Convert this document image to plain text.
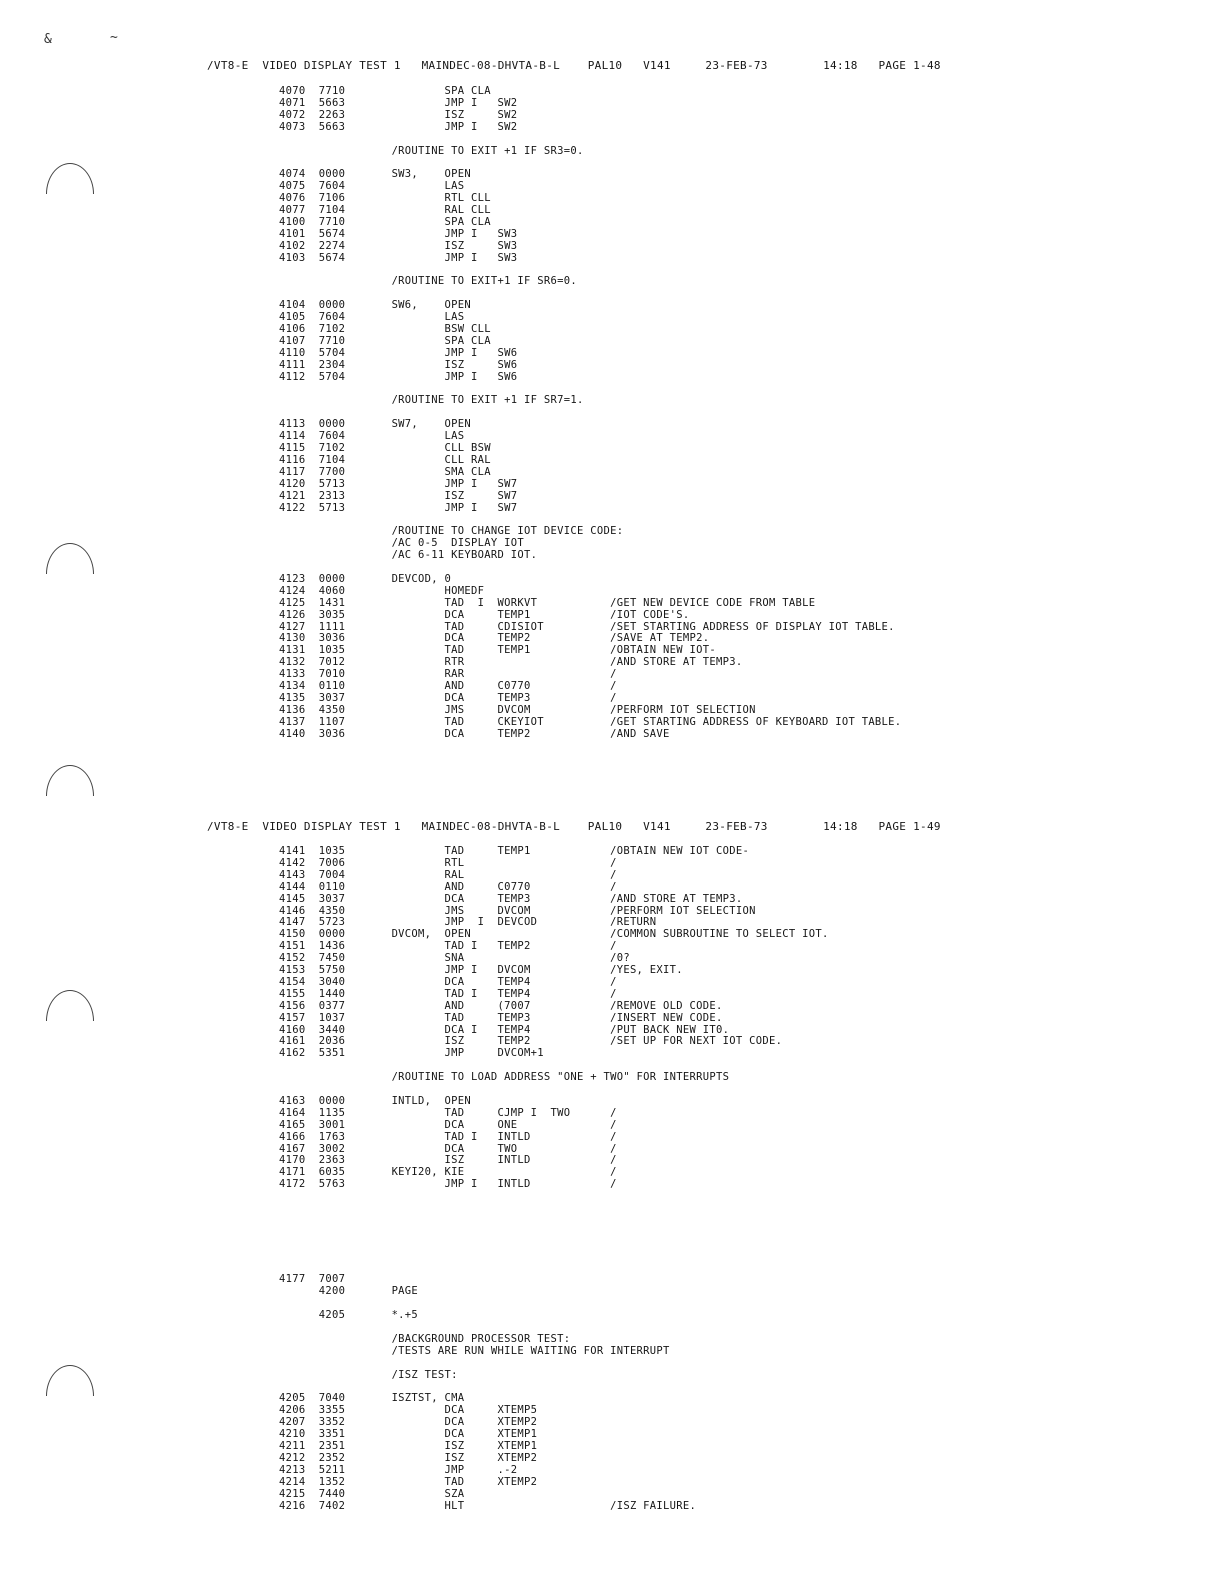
&	~
/VT8-E  VIDEO DISPLAY TEST 1   MAINDEC-08-DHVTA-B-L    PAL10   V141     23-FEB-73        14:18   PAGE 1-48
4070  7710               SPA CLA
4071  5663               JMP I   SW2
4072  2263               ISZ     SW2
4073  5663               JMP I   SW2
/ROUTINE TO EXIT +1 IF SR3=0.
4074  0000       SW3,    OPEN
4075  7604               LAS
4076  7106               RTL CLL
4077  7104               RAL CLL
4100  7710               SPA CLA
4101  5674               JMP I   SW3
4102  2274               ISZ     SW3
4103  5674               JMP I   SW3
/ROUTINE TO EXIT+1 IF SR6=0.
4104  0000       SW6,    OPEN
4105  7604               LAS
4106  7102               BSW CLL
4107  7710               SPA CLA
4110  5704               JMP I   SW6
4111  2304               ISZ     SW6
4112  5704               JMP I   SW6
/ROUTINE TO EXIT +1 IF SR7=1.
4113  0000       SW7,    OPEN
4114  7604               LAS
4115  7102               CLL BSW
4116  7104               CLL RAL
4117  7700               SMA CLA
4120  5713               JMP I   SW7
4121  2313               ISZ     SW7
4122  5713               JMP I   SW7
/ROUTINE TO CHANGE IOT DEVICE CODE:
/AC 0-5  DISPLAY IOT
/AC 6-11 KEYBOARD IOT.
4123  0000       DEVCOD, 0
4124  4060               HOMEDF
4125  1431               TAD  I  WORKVT           /GET NEW DEVICE CODE FROM TABLE
4126  3035               DCA     TEMP1            /IOT CODE'S.
4127  1111               TAD     CDISIOT          /SET STARTING ADDRESS OF DISPLAY IOT TABLE.
4130  3036               DCA     TEMP2            /SAVE AT TEMP2.
4131  1035               TAD     TEMP1            /OBTAIN NEW IOT-
4132  7012               RTR                      /AND STORE AT TEMP3.
4133  7010               RAR                      /
4134  0110               AND     C0770            /
4135  3037               DCA     TEMP3            /
4136  4350               JMS     DVCOM            /PERFORM IOT SELECTION
4137  1107               TAD     CKEYIOT          /GET STARTING ADDRESS OF KEYBOARD IOT TABLE.
4140  3036               DCA     TEMP2            /AND SAVE
/VT8-E  VIDEO DISPLAY TEST 1   MAINDEC-08-DHVTA-B-L    PAL10   V141     23-FEB-73        14:18   PAGE 1-49
4141  1035               TAD     TEMP1            /OBTAIN NEW IOT CODE-
4142  7006               RTL                      /
4143  7004               RAL                      /
4144  0110               AND     C0770            /
4145  3037               DCA     TEMP3            /AND STORE AT TEMP3.
4146  4350               JMS     DVCOM            /PERFORM IOT SELECTION
4147  5723               JMP  I  DEVCOD           /RETURN
4150  0000       DVCOM,  OPEN                     /COMMON SUBROUTINE TO SELECT IOT.
4151  1436               TAD I   TEMP2            /
4152  7450               SNA                      /0?
4153  5750               JMP I   DVCOM            /YES, EXIT.
4154  3040               DCA     TEMP4            /
4155  1440               TAD I   TEMP4            /
4156  0377               AND     (7007            /REMOVE OLD CODE.
4157  1037               TAD     TEMP3            /INSERT NEW CODE.
4160  3440               DCA I   TEMP4            /PUT BACK NEW IT0.
4161  2036               ISZ     TEMP2            /SET UP FOR NEXT IOT CODE.
4162  5351               JMP     DVCOM+1
/ROUTINE TO LOAD ADDRESS "ONE + TWO" FOR INTERRUPTS
4163  0000       INTLD,  OPEN
4164  1135               TAD     CJMP I  TWO      /
4165  3001               DCA     ONE              /
4166  1763               TAD I   INTLD            /
4167  3002               DCA     TWO              /
4170  2363               ISZ     INTLD            /
4171  6035       KEYI20, KIE                      /
4172  5763               JMP I   INTLD            /
4177  7007
4200       PAGE
4205       *.+5
/BACKGROUND PROCESSOR TEST:
/TESTS ARE RUN WHILE WAITING FOR INTERRUPT
/ISZ TEST:
4205  7040       ISZTST, CMA
4206  3355               DCA     XTEMP5
4207  3352               DCA     XTEMP2
4210  3351               DCA     XTEMP1
4211  2351               ISZ     XTEMP1
4212  2352               ISZ     XTEMP2
4213  5211               JMP     .-2
4214  1352               TAD     XTEMP2
4215  7440               SZA
4216  7402               HLT                      /ISZ FAILURE.
